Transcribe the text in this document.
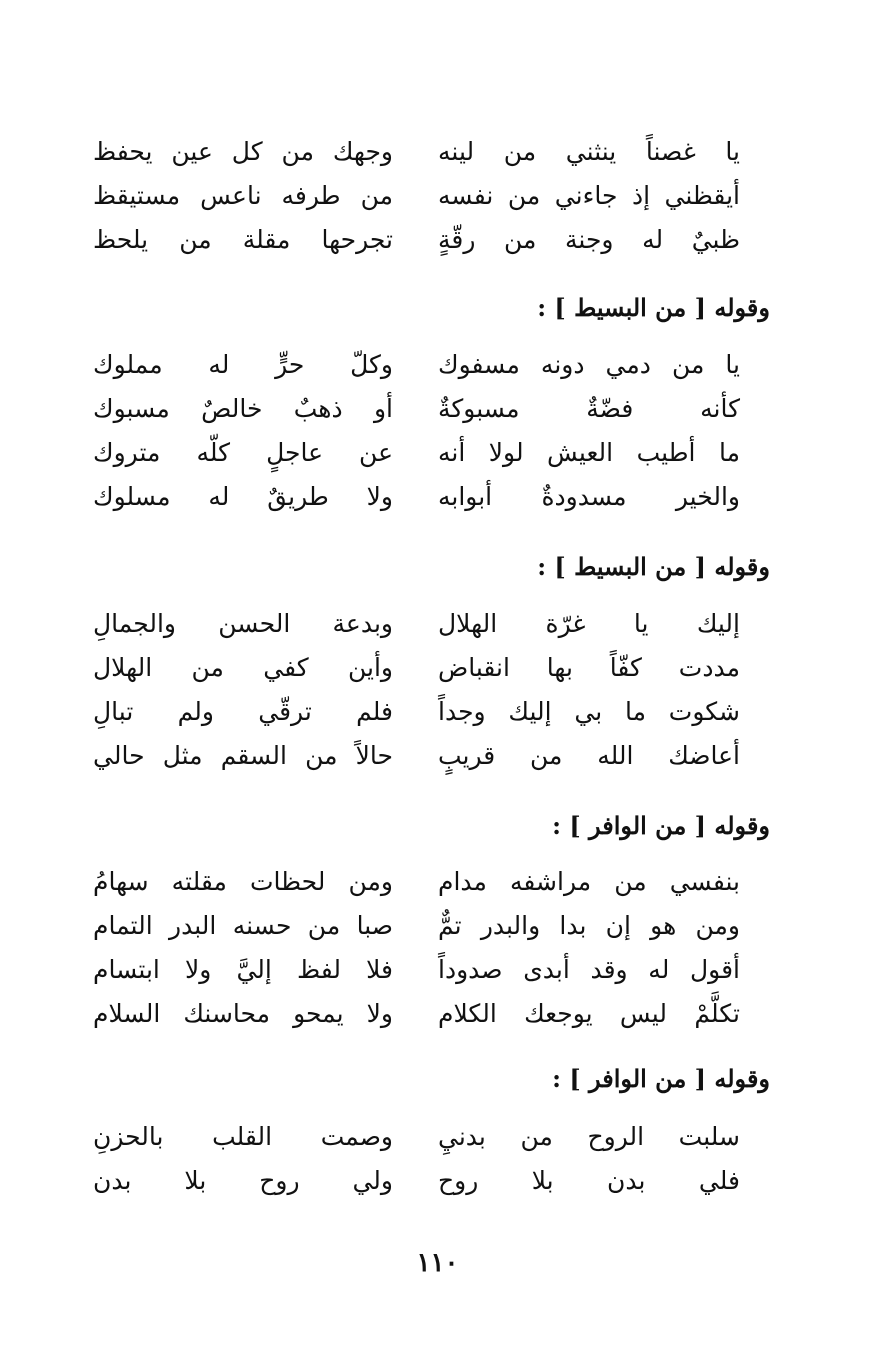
يا غصناً ينثني من لينه
وجهك من كل عين يحفظ
أيقظني إذ جاءني من نفسه
من طرفه ناعس مستيقظ
ظبيٌ له وجنة من رقّةٍ
تجرحها مقلة من يلحظ
وقوله [ من البسيط ] :
يا من دمي دونه مسفوك
وكلّ حرٍّ له مملوك
كأنه فضّةٌ مسبوكةٌ
أو ذهبٌ خالصٌ مسبوك
ما أطيب العيش لولا أنه
عن عاجلٍ كلّه متروك
والخير مسدودةٌ أبوابه
ولا طريقٌ له مسلوك
وقوله [ من البسيط ] :
إليك يا غرّة الهلال
وبدعة الحسن والجمالِ
مددت كفّاً بها انقباض
وأين كفي من الهلال
شكوت ما بي إليك وجداً
فلم ترقّي ولم تبالِ
أعاضك الله من قريبٍ
حالاً من السقم مثل حالي
وقوله [ من الوافر ] :
بنفسي من مراشفه مدام
ومن لحظات مقلته سهامُ
ومن هو إن بدا والبدر تمٌّ
صبا من حسنه البدر التمام
أقول له وقد أبدى صدوداً
فلا لفظ إليَّ ولا ابتسام
تكلَّمْ ليس يوجعك الكلام
ولا يمحو محاسنك السلام
وقوله [ من الوافر ] :
سلبت الروح من بدنيِ
وصمت القلب بالحزنِ
فلي بدن بلا روح
ولي روح بلا بدن
١١٠
